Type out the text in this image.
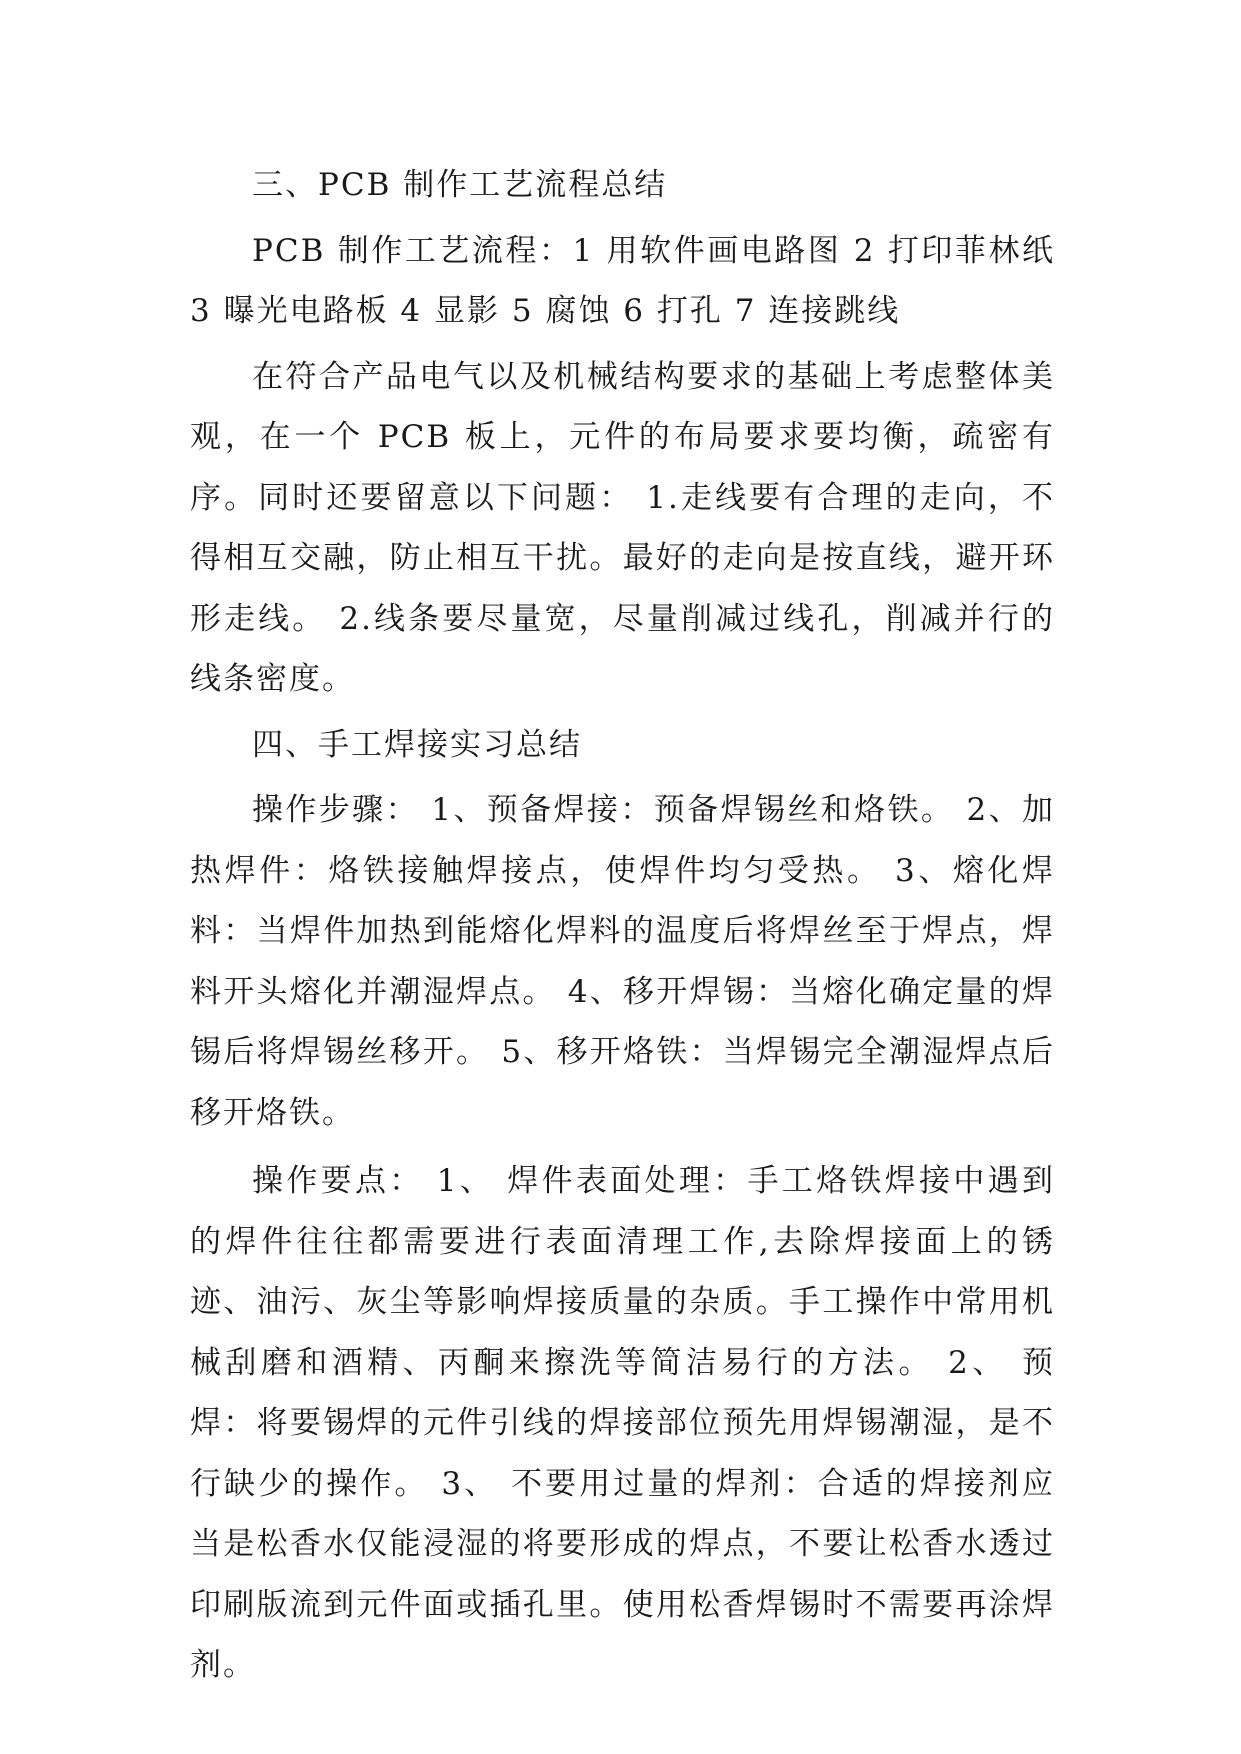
三、PCB 制作工艺流程总结

PCB 制作工艺流程：1 用软件画电路图 2 打印菲林纸 3 曝光电路板 4 显影 5 腐蚀 6 打孔 7 连接跳线

在符合产品电气以及机械结构要求的基础上考虑整体美观，在一个 PCB 板上，元件的布局要求要均衡，疏密有序。同时还要留意以下问题： 1.走线要有合理的走向，不得相互交融，防止相互干扰。最好的走向是按直线，避开环形走线。 2.线条要尽量宽，尽量削减过线孔，削减并行的线条密度。

四、手工焊接实习总结

操作步骤： 1、预备焊接：预备焊锡丝和烙铁。 2、加热焊件：烙铁接触焊接点，使焊件均匀受热。 3、熔化焊料：当焊件加热到能熔化焊料的温度后将焊丝至于焊点，焊料开头熔化并潮湿焊点。 4、移开焊锡：当熔化确定量的焊锡后将焊锡丝移开。 5、移开烙铁：当焊锡完全潮湿焊点后移开烙铁。

操作要点： 1、 焊件表面处理：手工烙铁焊接中遇到的焊件往往都需要进行表面清理工作,去除焊接面上的锈迹、油污、灰尘等影响焊接质量的杂质。手工操作中常用机械刮磨和酒精、丙酮来擦洗等简洁易行的方法。 2、 预焊：将要锡焊的元件引线的焊接部位预先用焊锡潮湿，是不行缺少的操作。 3、 不要用过量的焊剂：合适的焊接剂应当是松香水仅能浸湿的将要形成的焊点，不要让松香水透过印刷版流到元件面或插孔里。使用松香焊锡时不需要再涂焊剂。
